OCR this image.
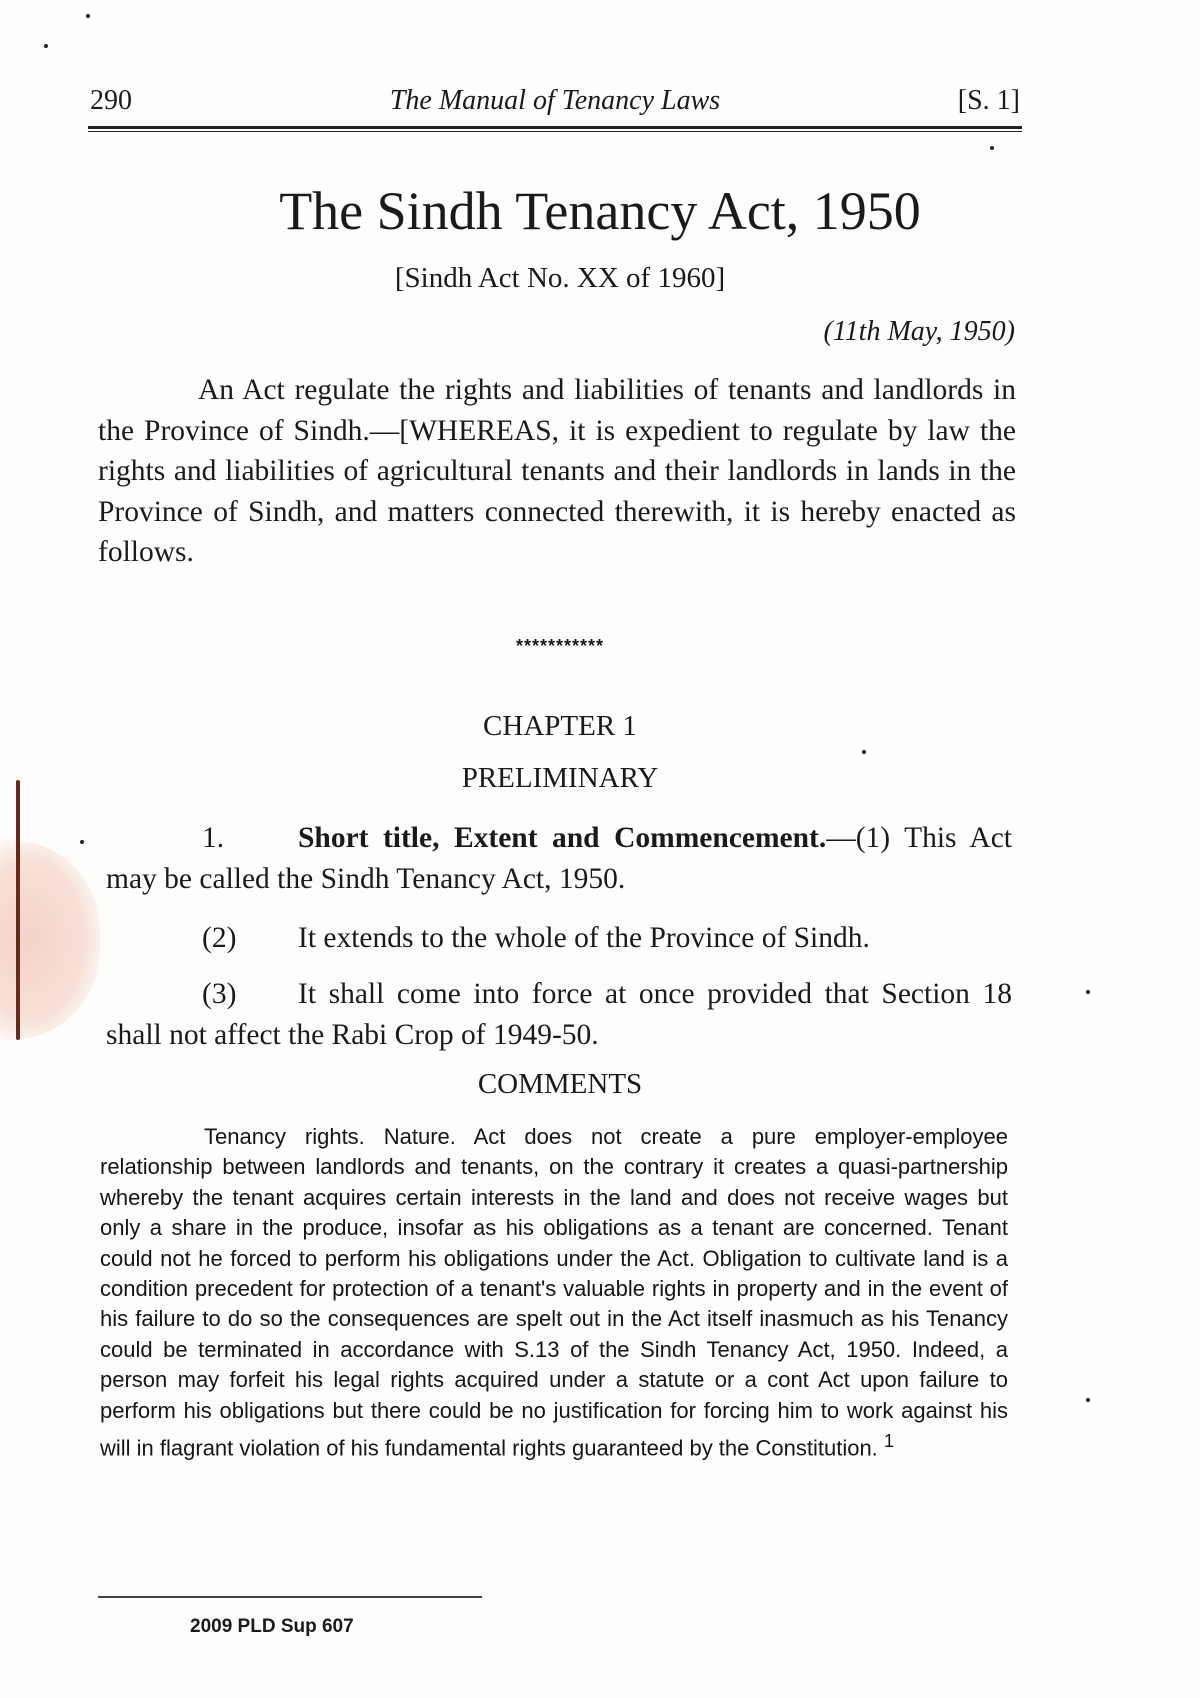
290	The Manual of Tenancy Laws	[S. 1]
The Sindh Tenancy Act, 1950
[Sindh Act No. XX of 1960]
(11th May, 1950)
An Act regulate the rights and liabilities of tenants and landlords in the Province of Sindh.—[WHEREAS, it is expedient to regulate by law the rights and liabilities of agricultural tenants and their landlords in lands in the Province of Sindh, and matters connected therewith, it is hereby enacted as follows.
***********
CHAPTER 1
PRELIMINARY
1.	Short title, Extent and Commencement.—(1) This Act may be called the Sindh Tenancy Act, 1950.
(2) It extends to the whole of the Province of Sindh.
(3) It shall come into force at once provided that Section 18 shall not affect the Rabi Crop of 1949-50.
COMMENTS
Tenancy rights. Nature. Act does not create a pure employer-employee relationship between landlords and tenants, on the contrary it creates a quasi-partnership whereby the tenant acquires certain interests in the land and does not receive wages but only a share in the produce, insofar as his obligations as a tenant are concerned. Tenant could not he forced to perform his obligations under the Act. Obligation to cultivate land is a condition precedent for protection of a tenant's valuable rights in property and in the event of his failure to do so the consequences are spelt out in the Act itself inasmuch as his Tenancy could be terminated in accordance with S.13 of the Sindh Tenancy Act, 1950. Indeed, a person may forfeit his legal rights acquired under a statute or a cont Act upon failure to perform his obligations but there could be no justification for forcing him to work against his will in flagrant violation of his fundamental rights guaranteed by the Constitution. $^1$
2009 PLD Sup 607
